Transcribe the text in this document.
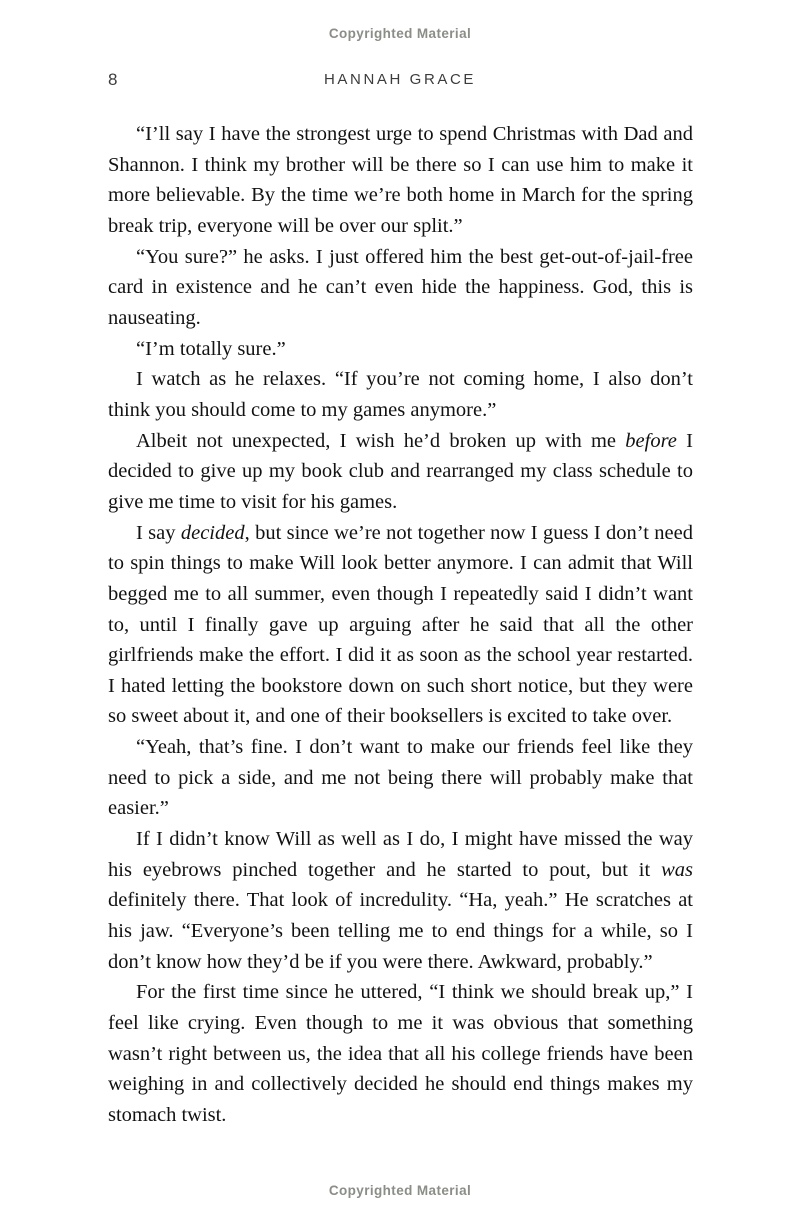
Copyrighted Material
8	HANNAH GRACE

“I’ll say I have the strongest urge to spend Christmas with Dad and Shannon. I think my brother will be there so I can use him to make it more believable. By the time we’re both home in March for the spring break trip, everyone will be over our split.”

“You sure?” he asks. I just offered him the best get-out-of-jail-free card in existence and he can’t even hide the happiness. God, this is nauseating.

“I’m totally sure.”

I watch as he relaxes. “If you’re not coming home, I also don’t think you should come to my games anymore.”

Albeit not unexpected, I wish he’d broken up with me before I decided to give up my book club and rearranged my class schedule to give me time to visit for his games.

I say decided, but since we’re not together now I guess I don’t need to spin things to make Will look better anymore. I can admit that Will begged me to all summer, even though I repeatedly said I didn’t want to, until I finally gave up arguing after he said that all the other girlfriends make the effort. I did it as soon as the school year restarted. I hated letting the bookstore down on such short notice, but they were so sweet about it, and one of their booksellers is excited to take over.

“Yeah, that’s fine. I don’t want to make our friends feel like they need to pick a side, and me not being there will probably make that easier.”

If I didn’t know Will as well as I do, I might have missed the way his eyebrows pinched together and he started to pout, but it was definitely there. That look of incredulity. “Ha, yeah.” He scratches at his jaw. “Everyone’s been telling me to end things for a while, so I don’t know how they’d be if you were there. Awkward, probably.”

For the first time since he uttered, “I think we should break up,” I feel like crying. Even though to me it was obvious that something wasn’t right between us, the idea that all his college friends have been weighing in and collectively decided he should end things makes my stomach twist.

Copyrighted Material
